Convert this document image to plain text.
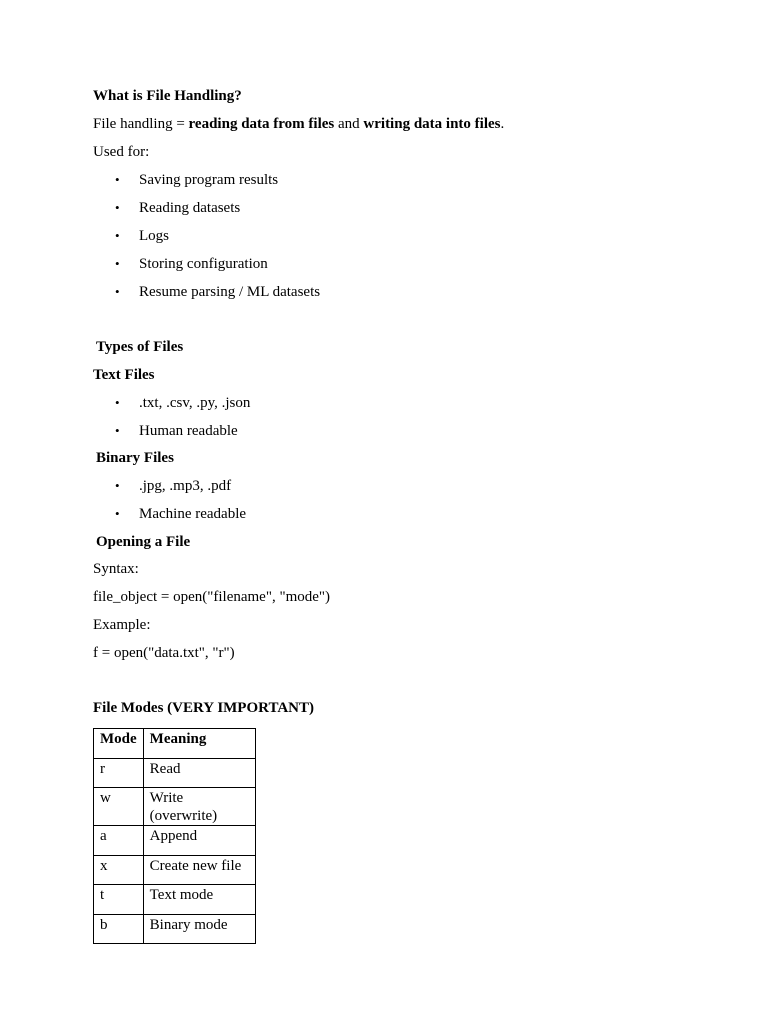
What is File Handling?
File handling = reading data from files and writing data into files.
Used for:
• Saving program results
• Reading datasets
• Logs
• Storing configuration
• Resume parsing / ML datasets
Types of Files
Text Files
• .txt, .csv, .py, .json
• Human readable
Binary Files
• .jpg, .mp3, .pdf
• Machine readable
Opening a File
Syntax:
file_object = open("filename", "mode")
Example:
f = open("data.txt", "r")
File Modes (VERY IMPORTANT)
Mode	Meaning
r	Read
w	Write (overwrite)
a	Append
x	Create new file
t	Text mode
b	Binary mode
